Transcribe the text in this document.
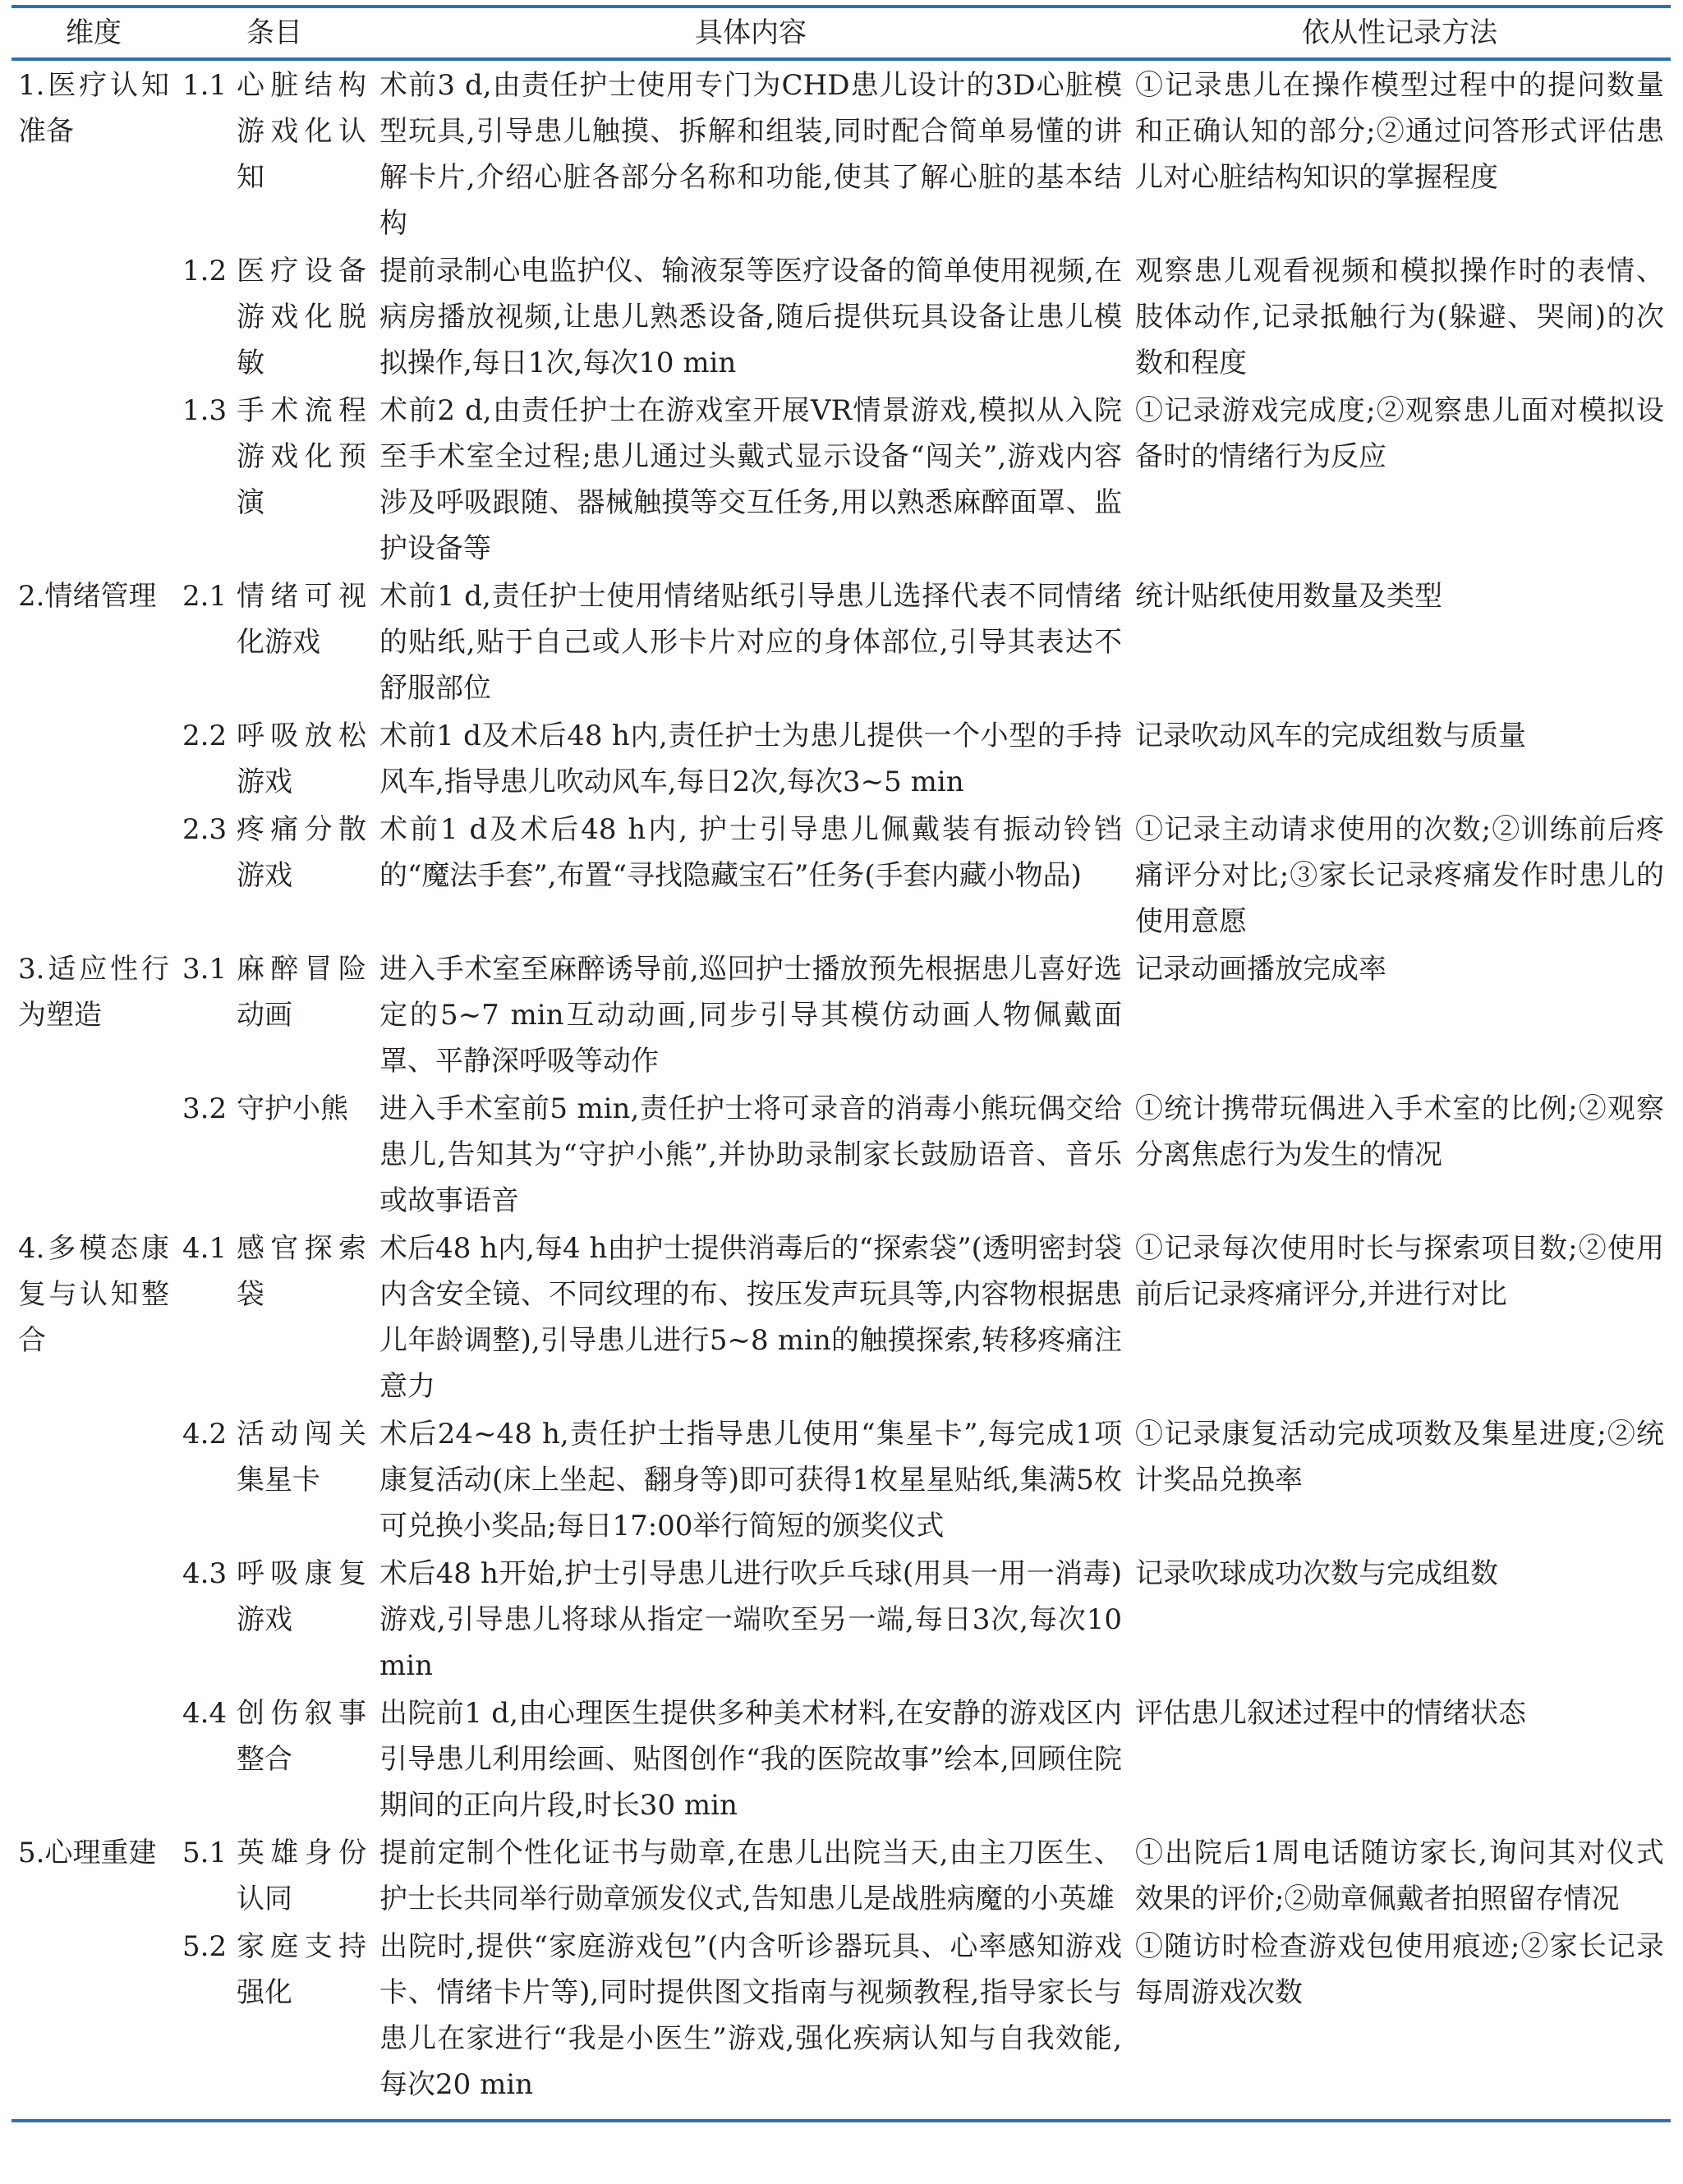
维度	条目	具体内容	依从性记录方法
1.医疗认知准备	1.1 心脏结构游戏化认知	术前3 d,由责任护士使用专门为CHD患儿设计的3D心脏模型玩具,引导患儿触摸、拆解和组装,同时配合简单易懂的讲解卡片,介绍心脏各部分名称和功能,使其了解心脏的基本结构	①记录患儿在操作模型过程中的提问数量和正确认知的部分;②通过问答形式评估患儿对心脏结构知识的掌握程度

	1.2 医疗设备游戏化脱敏	提前录制心电监护仪、输液泵等医疗设备的简单使用视频,在病房播放视频,让患儿熟悉设备,随后提供玩具设备让患儿模拟操作,每日1次,每次10 min	观察患儿观看视频和模拟操作时的表情、肢体动作,记录抵触行为(躲避、哭闹)的次数和程度

	1.3 手术流程游戏化预演	术前2 d,由责任护士在游戏室开展VR情景游戏,模拟从入院至手术室全过程;患儿通过头戴式显示设备“闯关”,游戏内容涉及呼吸跟随、器械触摸等交互任务,用以熟悉麻醉面罩、监护设备等	①记录游戏完成度;②观察患儿面对模拟设备时的情绪行为反应
2.情绪管理	2.1 情绪可视化游戏	术前1 d,责任护士使用情绪贴纸引导患儿选择代表不同情绪的贴纸,贴于自己或人形卡片对应的身体部位,引导其表达不舒服部位	统计贴纸使用数量及类型

	2.2 呼吸放松游戏	术前1 d及术后48 h内,责任护士为患儿提供一个小型的手持风车,指导患儿吹动风车,每日2次,每次3~5 min	记录吹动风车的完成组数与质量

	2.3 疼痛分散游戏	术前1 d及术后48 h内, 护士引导患儿佩戴装有振动铃铛的“魔法手套”,布置“寻找隐藏宝石”任务(手套内藏小物品)	①记录主动请求使用的次数;②训练前后疼痛评分对比;③家长记录疼痛发作时患儿的使用意愿
3.适应性行为塑造	3.1 麻醉冒险动画	进入手术室至麻醉诱导前,巡回护士播放预先根据患儿喜好选定的5~7 min互动动画,同步引导其模仿动画人物佩戴面罩、平静深呼吸等动作	记录动画播放完成率

	3.2 守护小熊	进入手术室前5 min,责任护士将可录音的消毒小熊玩偶交给患儿,告知其为“守护小熊”,并协助录制家长鼓励语音、音乐或故事语音	①统计携带玩偶进入手术室的比例;②观察分离焦虑行为发生的情况
4.多模态康复与认知整合	4.1 感官探索袋	术后48 h内,每4 h由护士提供消毒后的“探索袋”(透明密封袋内含安全镜、不同纹理的布、按压发声玩具等,内容物根据患儿年龄调整),引导患儿进行5~8 min的触摸探索,转移疼痛注意力	①记录每次使用时长与探索项目数;②使用前后记录疼痛评分,并进行对比

	4.2 活动闯关集星卡	术后24~48 h,责任护士指导患儿使用“集星卡”,每完成1项康复活动(床上坐起、翻身等)即可获得1枚星星贴纸,集满5枚可兑换小奖品;每日17:00举行简短的颁奖仪式	①记录康复活动完成项数及集星进度;②统计奖品兑换率

	4.3 呼吸康复游戏	术后48 h开始,护士引导患儿进行吹乒乓球(用具一用一消毒)游戏,引导患儿将球从指定一端吹至另一端,每日3次,每次10 min	记录吹球成功次数与完成组数

	4.4 创伤叙事整合	出院前1 d,由心理医生提供多种美术材料,在安静的游戏区内引导患儿利用绘画、贴图创作“我的医院故事”绘本,回顾住院期间的正向片段,时长30 min	评估患儿叙述过程中的情绪状态
5.心理重建	5.1 英雄身份认同	提前定制个性化证书与勋章,在患儿出院当天,由主刀医生、护士长共同举行勋章颁发仪式,告知患儿是战胜病魔的小英雄	①出院后1周电话随访家长,询问其对仪式效果的评价;②勋章佩戴者拍照留存情况

	5.2 家庭支持强化	出院时,提供“家庭游戏包”(内含听诊器玩具、心率感知游戏卡、情绪卡片等),同时提供图文指南与视频教程,指导家长与患儿在家进行“我是小医生”游戏,强化疾病认知与自我效能,每次20 min	①随访时检查游戏包使用痕迹;②家长记录每周游戏次数
